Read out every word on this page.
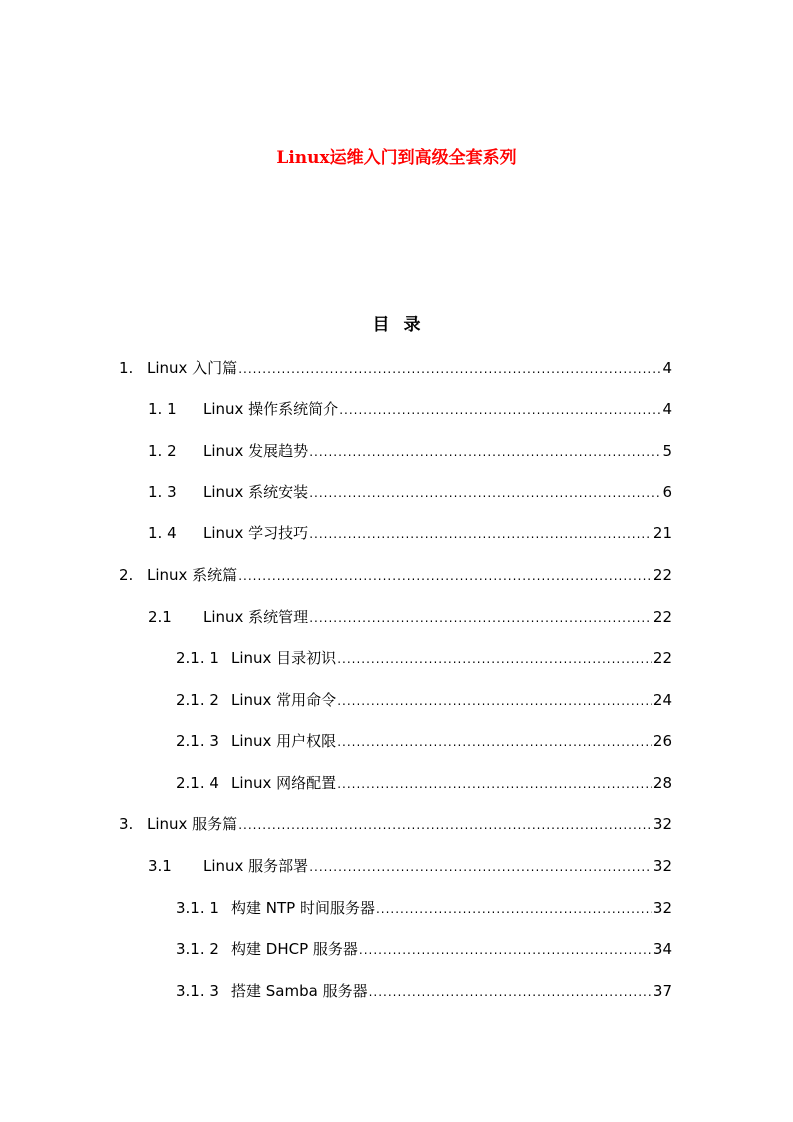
Linux运维入门到高级全套系列
目录
1. Linux 入门篇 .....	4
1. 1	Linux 操作系统简介 .....	4
1. 2	Linux 发展趋势 .....	5
1. 3	Linux 系统安装 .....	6
1. 4	Linux 学习技巧 .....	21
2. Linux 系统篇 .....	22
2.1	Linux 系统管理 .....	22
2.1. 1 Linux 目录初识 .....	22
2.1. 2 Linux 常用命令 .....	24
2.1. 3 Linux 用户权限 .....	26
2.1. 4 Linux 网络配置 .....	28
3. Linux 服务篇 .....	32
3.1	Linux 服务部署 .....	32
3.1. 1 构建 NTP 时间服务器 .....	32
3.1. 2 构建 DHCP 服务器 .....	34
3.1. 3 搭建 Samba 服务器 .....	37
